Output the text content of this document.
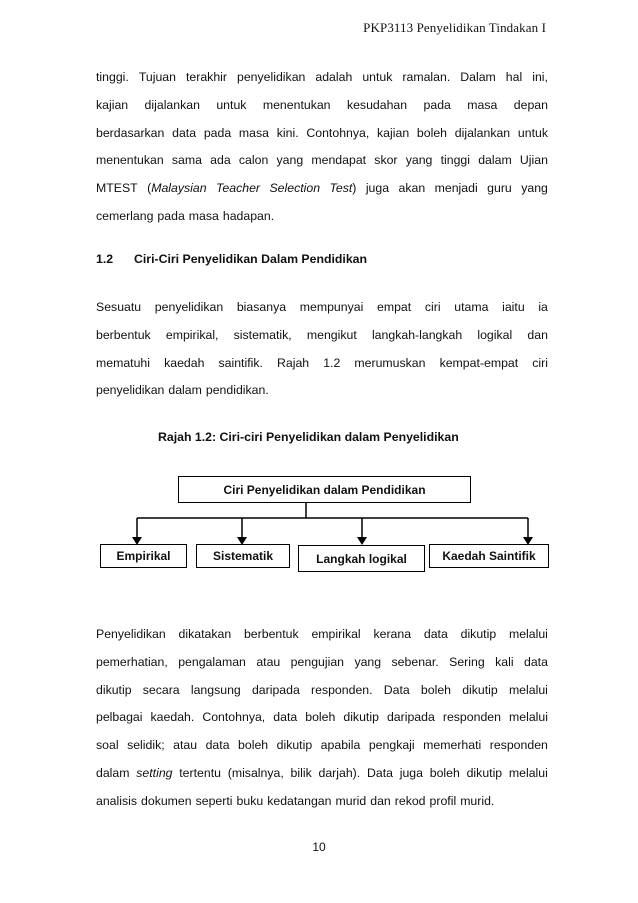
PKP3113 Penyelidikan Tindakan I
tinggi. Tujuan terakhir penyelidikan adalah untuk ramalan. Dalam hal ini,
kajian dijalankan untuk menentukan kesudahan pada masa depan
berdasarkan data pada masa kini. Contohnya, kajian boleh dijalankan untuk
menentukan sama ada calon yang mendapat skor yang tinggi dalam Ujian
MTEST (Malaysian Teacher Selection Test) juga akan menjadi guru yang
cemerlang pada masa hadapan.
1.2 Ciri-Ciri Penyelidikan Dalam Pendidikan
Sesuatu penyelidikan biasanya mempunyai empat ciri utama iaitu ia
berbentuk empirikal, sistematik, mengikut langkah-langkah logikal dan
mematuhi kaedah saintifik. Rajah 1.2 merumuskan kempat-empat ciri
penyelidikan dalam pendidikan.
Rajah 1.2: Ciri-ciri Penyelidikan dalam Penyelidikan
Ciri Penyelidikan dalam Pendidikan
Empirikal	Sistematik	Langkah logikal	Kaedah Saintifik
Penyelidikan dikatakan berbentuk empirikal kerana data dikutip melalui
pemerhatian, pengalaman atau pengujian yang sebenar. Sering kali data
dikutip secara langsung daripada responden. Data boleh dikutip melalui
pelbagai kaedah. Contohnya, data boleh dikutip daripada responden melalui
soal selidik; atau data boleh dikutip apabila pengkaji memerhati responden
dalam setting tertentu (misalnya, bilik darjah). Data juga boleh dikutip melalui
analisis dokumen seperti buku kedatangan murid dan rekod profil murid.
10
